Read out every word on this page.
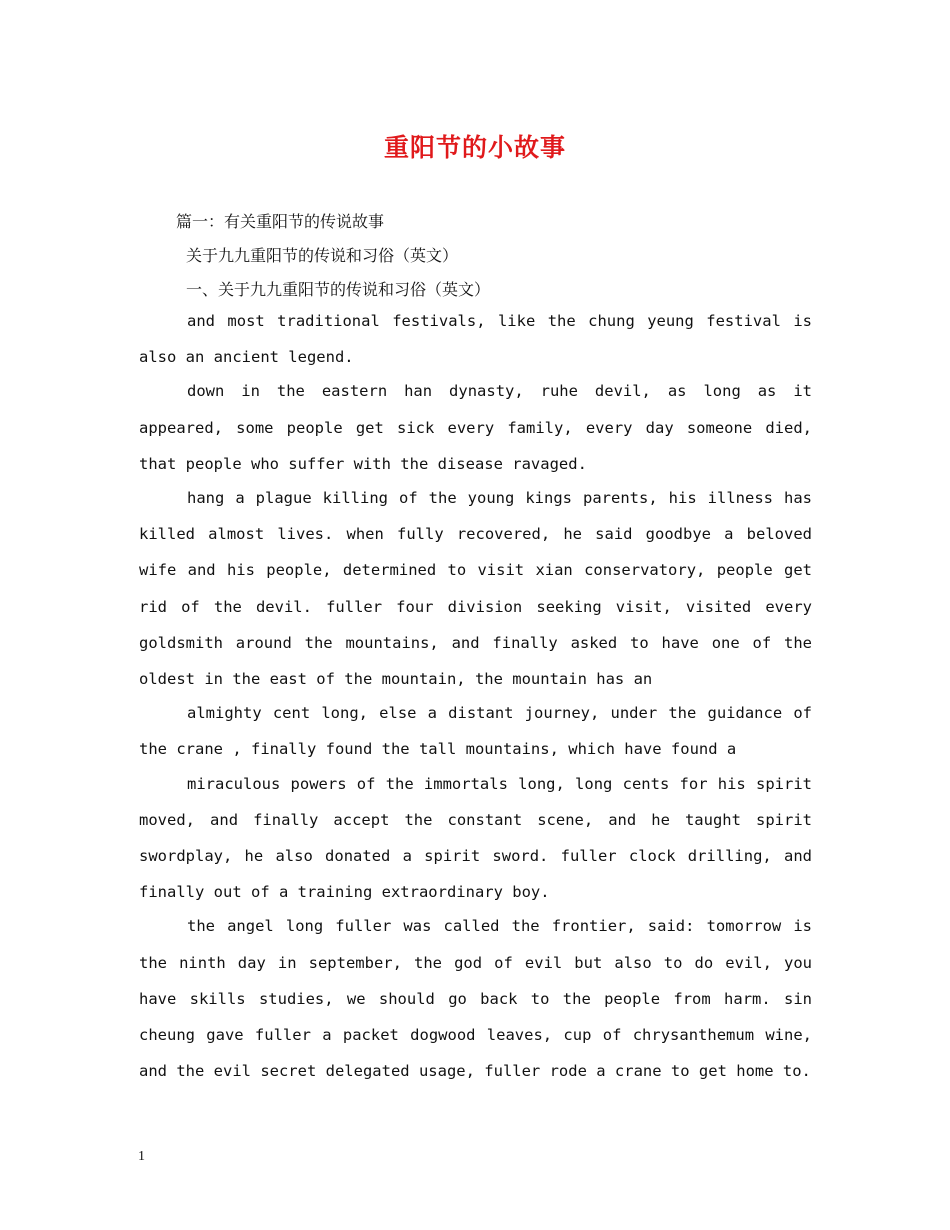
重阳节的小故事
篇一：有关重阳节的传说故事
关于九九重阳节的传说和习俗（英文）
一、关于九九重阳节的传说和习俗（英文）

and most traditional festivals, like the chung yeung festival is also an ancient legend.

down in the eastern han dynasty, ruhe devil, as long as it appeared, some people get sick every family, every day someone died, that people who suffer with the disease ravaged.

hang a plague killing of the young kings parents, his illness has killed almost lives. when fully recovered, he said goodbye a beloved wife and his people, determined to visit xian conservatory, people get rid of the devil. fuller four division seeking visit, visited every goldsmith around the mountains, and finally asked to have one of the oldest in the east of the mountain, the mountain has an

almighty cent long, else a distant journey, under the guidance of the crane , finally found the tall mountains, which have found a

miraculous powers of the immortals long, long cents for his spirit moved, and finally accept the constant scene, and he taught spirit swordplay, he also donated a spirit sword. fuller clock drilling, and finally out of a training extraordinary boy.

the angel long fuller was called the frontier, said: tomorrow is the ninth day in september, the god of evil but also to do evil, you have skills studies, we should go back to the people from harm. sin cheung gave fuller a packet dogwood leaves, cup of chrysanthemum wine, and the evil secret delegated usage, fuller rode a crane to get home to.

1
